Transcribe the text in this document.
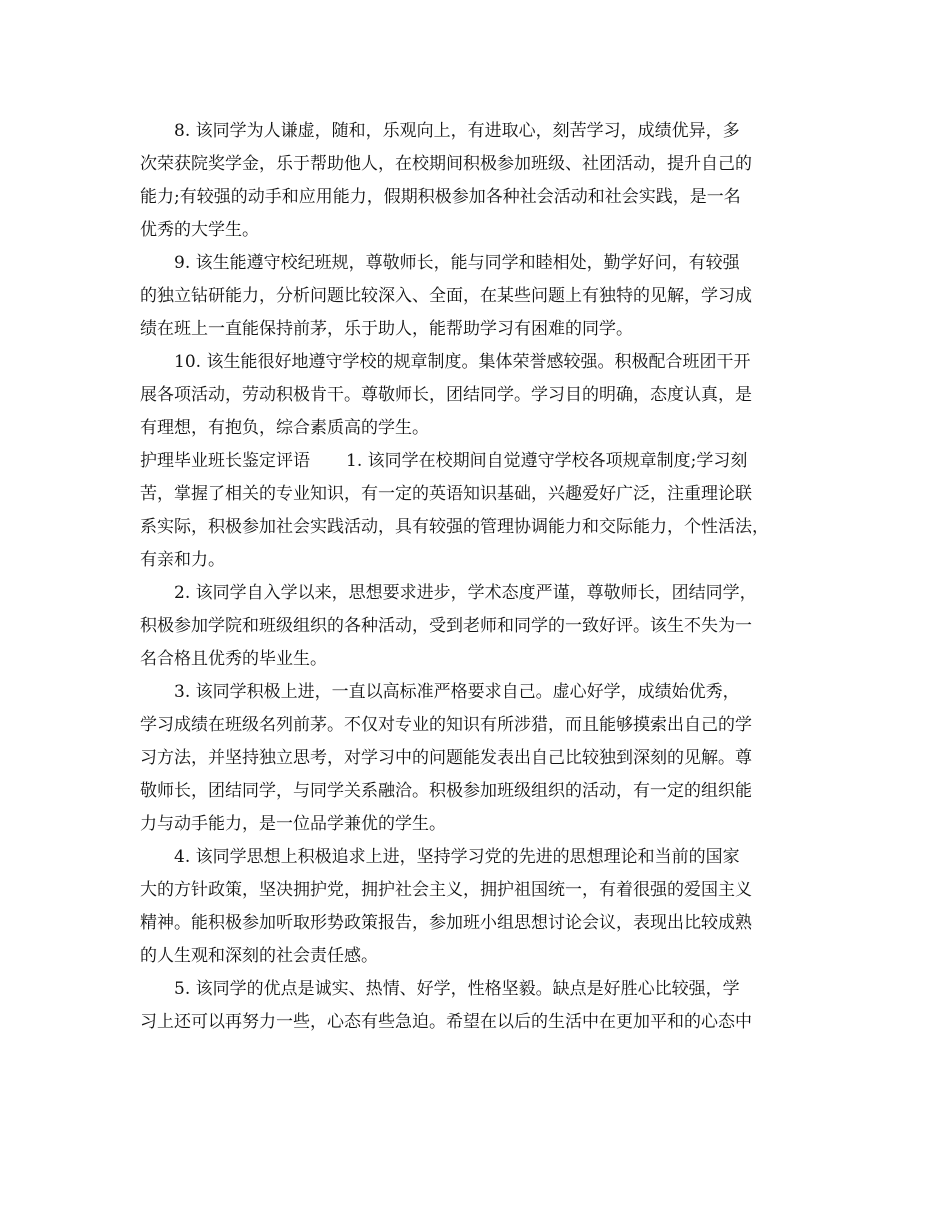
8. 该同学为人谦虚，随和，乐观向上，有进取心，刻苦学习，成绩优异，多
次荣获院奖学金，乐于帮助他人，在校期间积极参加班级、社团活动，提升自己的
能力;有较强的动手和应用能力，假期积极参加各种社会活动和社会实践，是一名
优秀的大学生。
9. 该生能遵守校纪班规，尊敬师长，能与同学和睦相处，勤学好问，有较强
的独立钻研能力，分析问题比较深入、全面，在某些问题上有独特的见解，学习成
绩在班上一直能保持前茅，乐于助人，能帮助学习有困难的同学。
10. 该生能很好地遵守学校的规章制度。集体荣誉感较强。积极配合班团干开
展各项活动，劳动积极肯干。尊敬师长，团结同学。学习目的明确，态度认真，是
有理想，有抱负，综合素质高的学生。
护理毕业班长鉴定评语 1. 该同学在校期间自觉遵守学校各项规章制度;学习刻
苦，掌握了相关的专业知识，有一定的英语知识基础，兴趣爱好广泛，注重理论联
系实际，积极参加社会实践活动，具有较强的管理协调能力和交际能力，个性活法，
有亲和力。
2. 该同学自入学以来，思想要求进步，学术态度严谨，尊敬师长，团结同学，
积极参加学院和班级组织的各种活动，受到老师和同学的一致好评。该生不失为一
名合格且优秀的毕业生。
3. 该同学积极上进，一直以高标准严格要求自己。虚心好学，成绩始优秀，
学习成绩在班级名列前茅。不仅对专业的知识有所涉猎，而且能够摸索出自己的学
习方法，并坚持独立思考，对学习中的问题能发表出自己比较独到深刻的见解。尊
敬师长，团结同学，与同学关系融洽。积极参加班级组织的活动，有一定的组织能
力与动手能力，是一位品学兼优的学生。
4. 该同学思想上积极追求上进，坚持学习党的先进的思想理论和当前的国家
大的方针政策，坚决拥护党，拥护社会主义，拥护祖国统一，有着很强的爱国主义
精神。能积极参加听取形势政策报告，参加班小组思想讨论会议，表现出比较成熟
的人生观和深刻的社会责任感。
5. 该同学的优点是诚实、热情、好学，性格坚毅。缺点是好胜心比较强，学
习上还可以再努力一些，心态有些急迫。希望在以后的生活中在更加平和的心态中
